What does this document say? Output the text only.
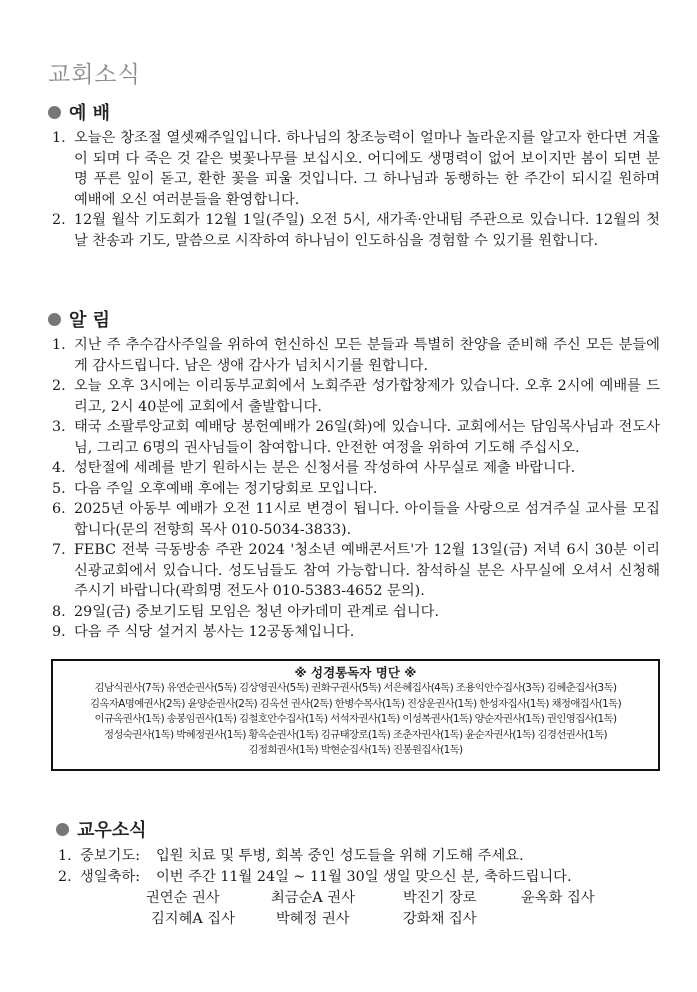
교회소식
예 배
1. 오늘은 창조절 열셋째주일입니다. 하나님의 창조능력이 얼마나 놀라운지를 알고자 한다면 겨울이 되며 다 죽은 것 같은 벚꽃나무를 보십시오. 어디에도 생명력이 없어 보이지만 봄이 되면 분명 푸른 잎이 돋고, 환한 꽃을 피울 것입니다. 그 하나님과 동행하는 한 주간이 되시길 원하며 예배에 오신 여러분들을 환영합니다.
2. 12월 월삭 기도회가 12월 1일(주일) 오전 5시, 새가족·안내팀 주관으로 있습니다. 12월의 첫날 찬송과 기도, 말씀으로 시작하여 하나님이 인도하심을 경험할 수 있기를 원합니다.
알 림
1. 지난 주 추수감사주일을 위하여 헌신하신 모든 분들과 특별히 찬양을 준비해 주신 모든 분들에게 감사드립니다. 남은 생애 감사가 넘치시기를 원합니다.
2. 오늘 오후 3시에는 이리동부교회에서 노회주관 성가합창제가 있습니다. 오후 2시에 예배를 드리고, 2시 40분에 교회에서 출발합니다.
3. 태국 소팔루앙교회 예배당 봉헌예배가 26일(화)에 있습니다. 교회에서는 담임목사님과 전도사님, 그리고 6명의 권사님들이 참여합니다. 안전한 여정을 위하여 기도해 주십시오.
4. 성탄절에 세례를 받기 원하시는 분은 신청서를 작성하여 사무실로 제출 바랍니다.
5. 다음 주일 오후예배 후에는 정기당회로 모입니다.
6. 2025년 아동부 예배가 오전 11시로 변경이 됩니다. 아이들을 사랑으로 섬겨주실 교사를 모집합니다(문의 전향희 목사 010-5034-3833).
7. FEBC 전북 극동방송 주관 2024 '청소년 예배콘서트'가 12월 13일(금) 저녁 6시 30분 이리신광교회에서 있습니다. 성도님들도 참여 가능합니다. 참석하실 분은 사무실에 오셔서 신청해 주시기 바랍니다(곽희명 전도사 010-5383-4652 문의).
8. 29일(금) 중보기도팀 모임은 청년 아카데미 관계로 쉽니다.
9. 다음 주 식당 설거지 봉사는 12공동체입니다.
※ 성경통독자 명단 ※
김남식권사(7독) 유연순권사(5독) 김상영권사(5독) 권화구권사(5독) 서은혜집사(4독) 조용익안수집사(3독) 김혜춘집사(3독)
김옥자A명예권사(2독) 윤양순권사(2독) 김옥선 권사(2독) 한병수목사(1독) 진상운권사(1독) 한성자집사(1독) 채정애집사(1독)
이규옥권사(1독) 송봉임권사(1독) 김철호안수집사(1독) 서석자권사(1독) 이성복권사(1독) 양순자권사(1독) 권인영집사(1독)
정성숙권사(1독) 박혜정권사(1독) 황옥순권사(1독) 김규태장로(1독) 조춘자권사(1독) 윤순자권사(1독) 김경선권사(1독)
김정희권사(1독) 박현순집사(1독) 진봉원집사(1독)
교우소식
1. 중보기도:	입원 치료 및 투병, 회복 중인 성도들을 위해 기도해 주세요.
2. 생일축하:	이번 주간 11월 24일 ~ 11월 30일 생일 맞으신 분, 축하드립니다.
권연순 권사	최금순A 권사	박진기 장로	윤옥화 집사
김지혜A 집사	박혜정 권사	강화채 집사
